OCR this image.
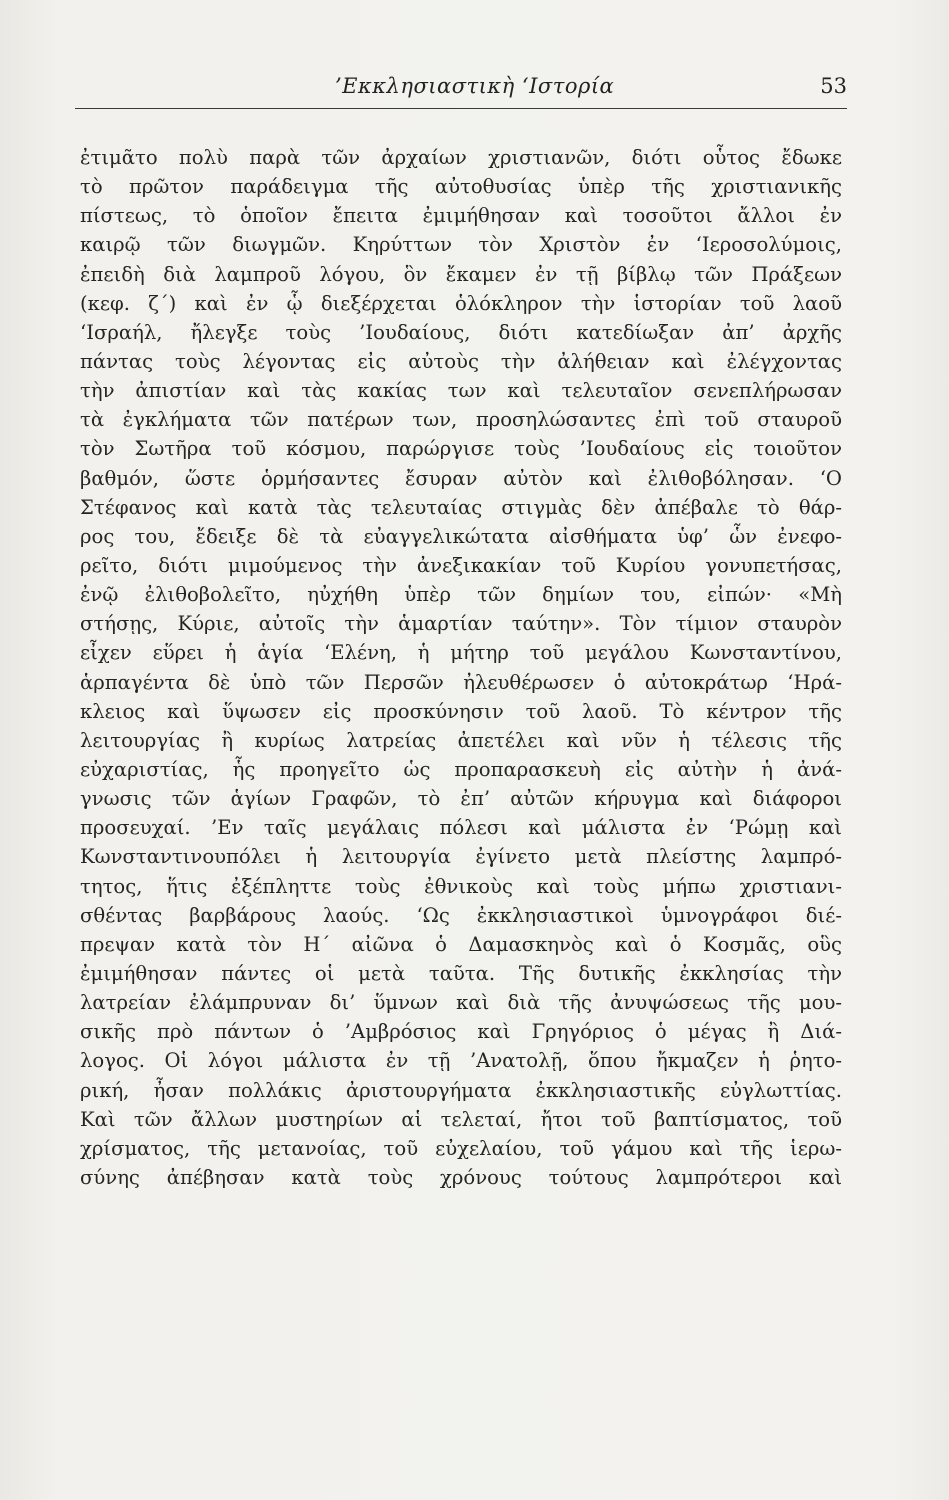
’Εκκλησιαστικὴ ‘Ιστορία	53
ἐτιμᾶτο πολὺ παρὰ τῶν ἀρχαίων χριστιανῶν, διότι οὗτος ἔδωκε
τὸ πρῶτον παράδειγμα τῆς αὐτοθυσίας ὑπὲρ τῆς χριστιανικῆς
πίστεως, τὸ ὁποῖον ἔπειτα ἐμιμήθησαν καὶ τοσοῦτοι ἄλλοι ἐν
καιρῷ τῶν διωγμῶν. Κηρύττων τὸν Χριστὸν ἐν ‘Ιεροσολύμοις,
ἐπειδὴ διὰ λαμπροῦ λόγου, ὃν ἔκαμεν ἐν τῇ βίβλῳ τῶν Πράξεων
(κεφ. ζ΄) καὶ ἐν ᾧ διεξέρχεται ὁλόκληρον τὴν ἱστορίαν τοῦ λαοῦ
‘Ισραήλ, ἤλεγξε τοὺς ’Ιουδαίους, διότι κατεδίωξαν ἀπ’ ἀρχῆς
πάντας τοὺς λέγοντας εἰς αὐτοὺς τὴν ἀλήθειαν καὶ ἐλέγχοντας
τὴν ἀπιστίαν καὶ τὰς κακίας των καὶ τελευταῖον σενεπλήρωσαν
τὰ ἐγκλήματα τῶν πατέρων των, προσηλώσαντες ἐπὶ τοῦ σταυροῦ
τὸν Σωτῆρα τοῦ κόσμου, παρώργισε τοὺς ’Ιουδαίους εἰς τοιοῦτον
βαθμόν, ὥστε ὁρμήσαντες ἔσυραν αὐτὸν καὶ ἐλιθοβόλησαν. ‘Ο
Στέφανος καὶ κατὰ τὰς τελευταίας στιγμὰς δὲν ἀπέβαλε τὸ θάρ-
ρος του, ἔδειξε δὲ τὰ εὐαγγελικώτατα αἰσθήματα ὑφ’ ὧν ἐνεφο-
ρεῖτο, διότι μιμούμενος τὴν ἀνεξικακίαν τοῦ Κυρίου γονυπετήσας,
ἐνῷ ἐλιθοβολεῖτο, ηὐχήθη ὑπὲρ τῶν δημίων του, εἰπών· «Μὴ
στήσῃς, Κύριε, αὐτοῖς τὴν ἁμαρτίαν ταύτην». Τὸν τίμιον σταυρὸν
εἶχεν εὕρει ἡ ἁγία ‘Ελένη, ἡ μήτηρ τοῦ μεγάλου Κωνσταντίνου,
ἁρπαγέντα δὲ ὑπὸ τῶν Περσῶν ἠλευθέρωσεν ὁ αὐτοκράτωρ ‘Ηρά-
κλειος καὶ ὕψωσεν εἰς προσκύνησιν τοῦ λαοῦ. Τὸ κέντρον τῆς
λειτουργίας ἢ κυρίως λατρείας ἀπετέλει καὶ νῦν ἡ τέλεσις τῆς
εὐχαριστίας, ἧς προηγεῖτο ὡς προπαρασκευὴ εἰς αὐτὴν ἡ ἀνά-
γνωσις τῶν ἁγίων Γραφῶν, τὸ ἐπ’ αὐτῶν κήρυγμα καὶ διάφοροι
προσευχαί. ’Εν ταῖς μεγάλαις πόλεσι καὶ μάλιστα ἐν ‘Ρώμῃ καὶ
Κωνσταντινουπόλει ἡ λειτουργία ἐγίνετο μετὰ πλείστης λαμπρό-
τητος, ἥτις ἐξέπληττε τοὺς ἐθνικοὺς καὶ τοὺς μήπω χριστιανι-
σθέντας βαρβάρους λαούς. ‘Ως ἐκκλησιαστικοὶ ὑμνογράφοι διέ-
πρεψαν κατὰ τὸν Η΄ αἰῶνα ὁ Δαμασκηνὸς καὶ ὁ Κοσμᾶς, οὓς
ἐμιμήθησαν πάντες οἱ μετὰ ταῦτα. Τῆς δυτικῆς ἐκκλησίας τὴν
λατρείαν ἐλάμπρυναν δι’ ὕμνων καὶ διὰ τῆς ἀνυψώσεως τῆς μου-
σικῆς πρὸ πάντων ὁ ’Αμβρόσιος καὶ Γρηγόριος ὁ μέγας ἢ Διά-
λογος. Οἱ λόγοι μάλιστα ἐν τῇ ’Ανατολῇ, ὅπου ἤκμαζεν ἡ ῥητο-
ρική, ἦσαν πολλάκις ἀριστουργήματα ἐκκλησιαστικῆς εὐγλωττίας.
Καὶ τῶν ἄλλων μυστηρίων αἱ τελεταί, ἤτοι τοῦ βαπτίσματος, τοῦ
χρίσματος, τῆς μετανοίας, τοῦ εὐχελαίου, τοῦ γάμου καὶ τῆς ἱερω-
σύνης ἀπέβησαν κατὰ τοὺς χρόνους τούτους λαμπρότεροι καὶ
